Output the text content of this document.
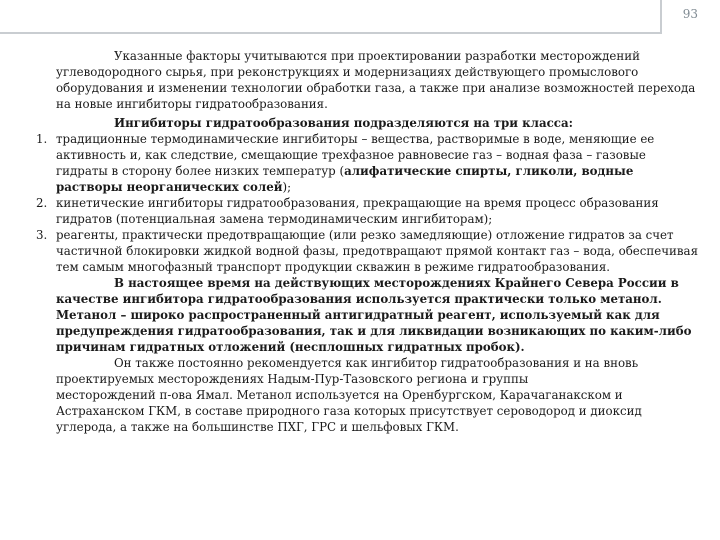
93

Указанные факторы учитываются при проектировании разработки месторождений углеводородного сырья, при реконструкциях и модернизациях действующего промыслового оборудования и изменении технологии обработки газа, а также при анализе возможностей перехода на новые ингибиторы гидратообразования.

Ингибиторы гидратообразования подразделяются на три класса:

1. традиционные термодинамические ингибиторы – вещества, растворимые в воде, меняющие ее активность и, как следствие, смещающие трехфазное равновесие газ – водная фаза – газовые гидраты в сторону более низких температур (алифатические спирты, гликоли, водные растворы неорганических солей);

2. кинетические ингибиторы гидратообразования, прекращающие на время процесс образования гидратов (потенциальная замена термодинамическим ингибиторам);

3. реагенты, практически предотвращающие (или резко замедляющие) отложение гидратов за счет частичной блокировки жидкой водной фазы, предотвращают прямой контакт газ – вода, обеспечивая тем самым многофазный транспорт продукции скважин в режиме гидратообразования.

В настоящее время на действующих месторождениях Крайнего Севера России в качестве ингибитора гидратообразования используется практически только метанол. Метанол – широко распространенный антигидратный реагент, используемый как для предупреждения гидратообразования, так и для ликвидации возникающих по каким-либо причинам гидратных отложений (несплошных гидратных пробок).

Он также постоянно рекомендуется как ингибитор гидратообразования и на вновь проектируемых месторождениях Надым-Пур-Тазовского региона и группы

месторождений п-ова Ямал. Метанол используется на Оренбургском, Карачаганакском и Астраханском ГКМ, в составе природного газа которых присутствует сероводород и диоксид углерода, а также на большинстве ПХГ, ГРС и шельфовых ГКМ.
